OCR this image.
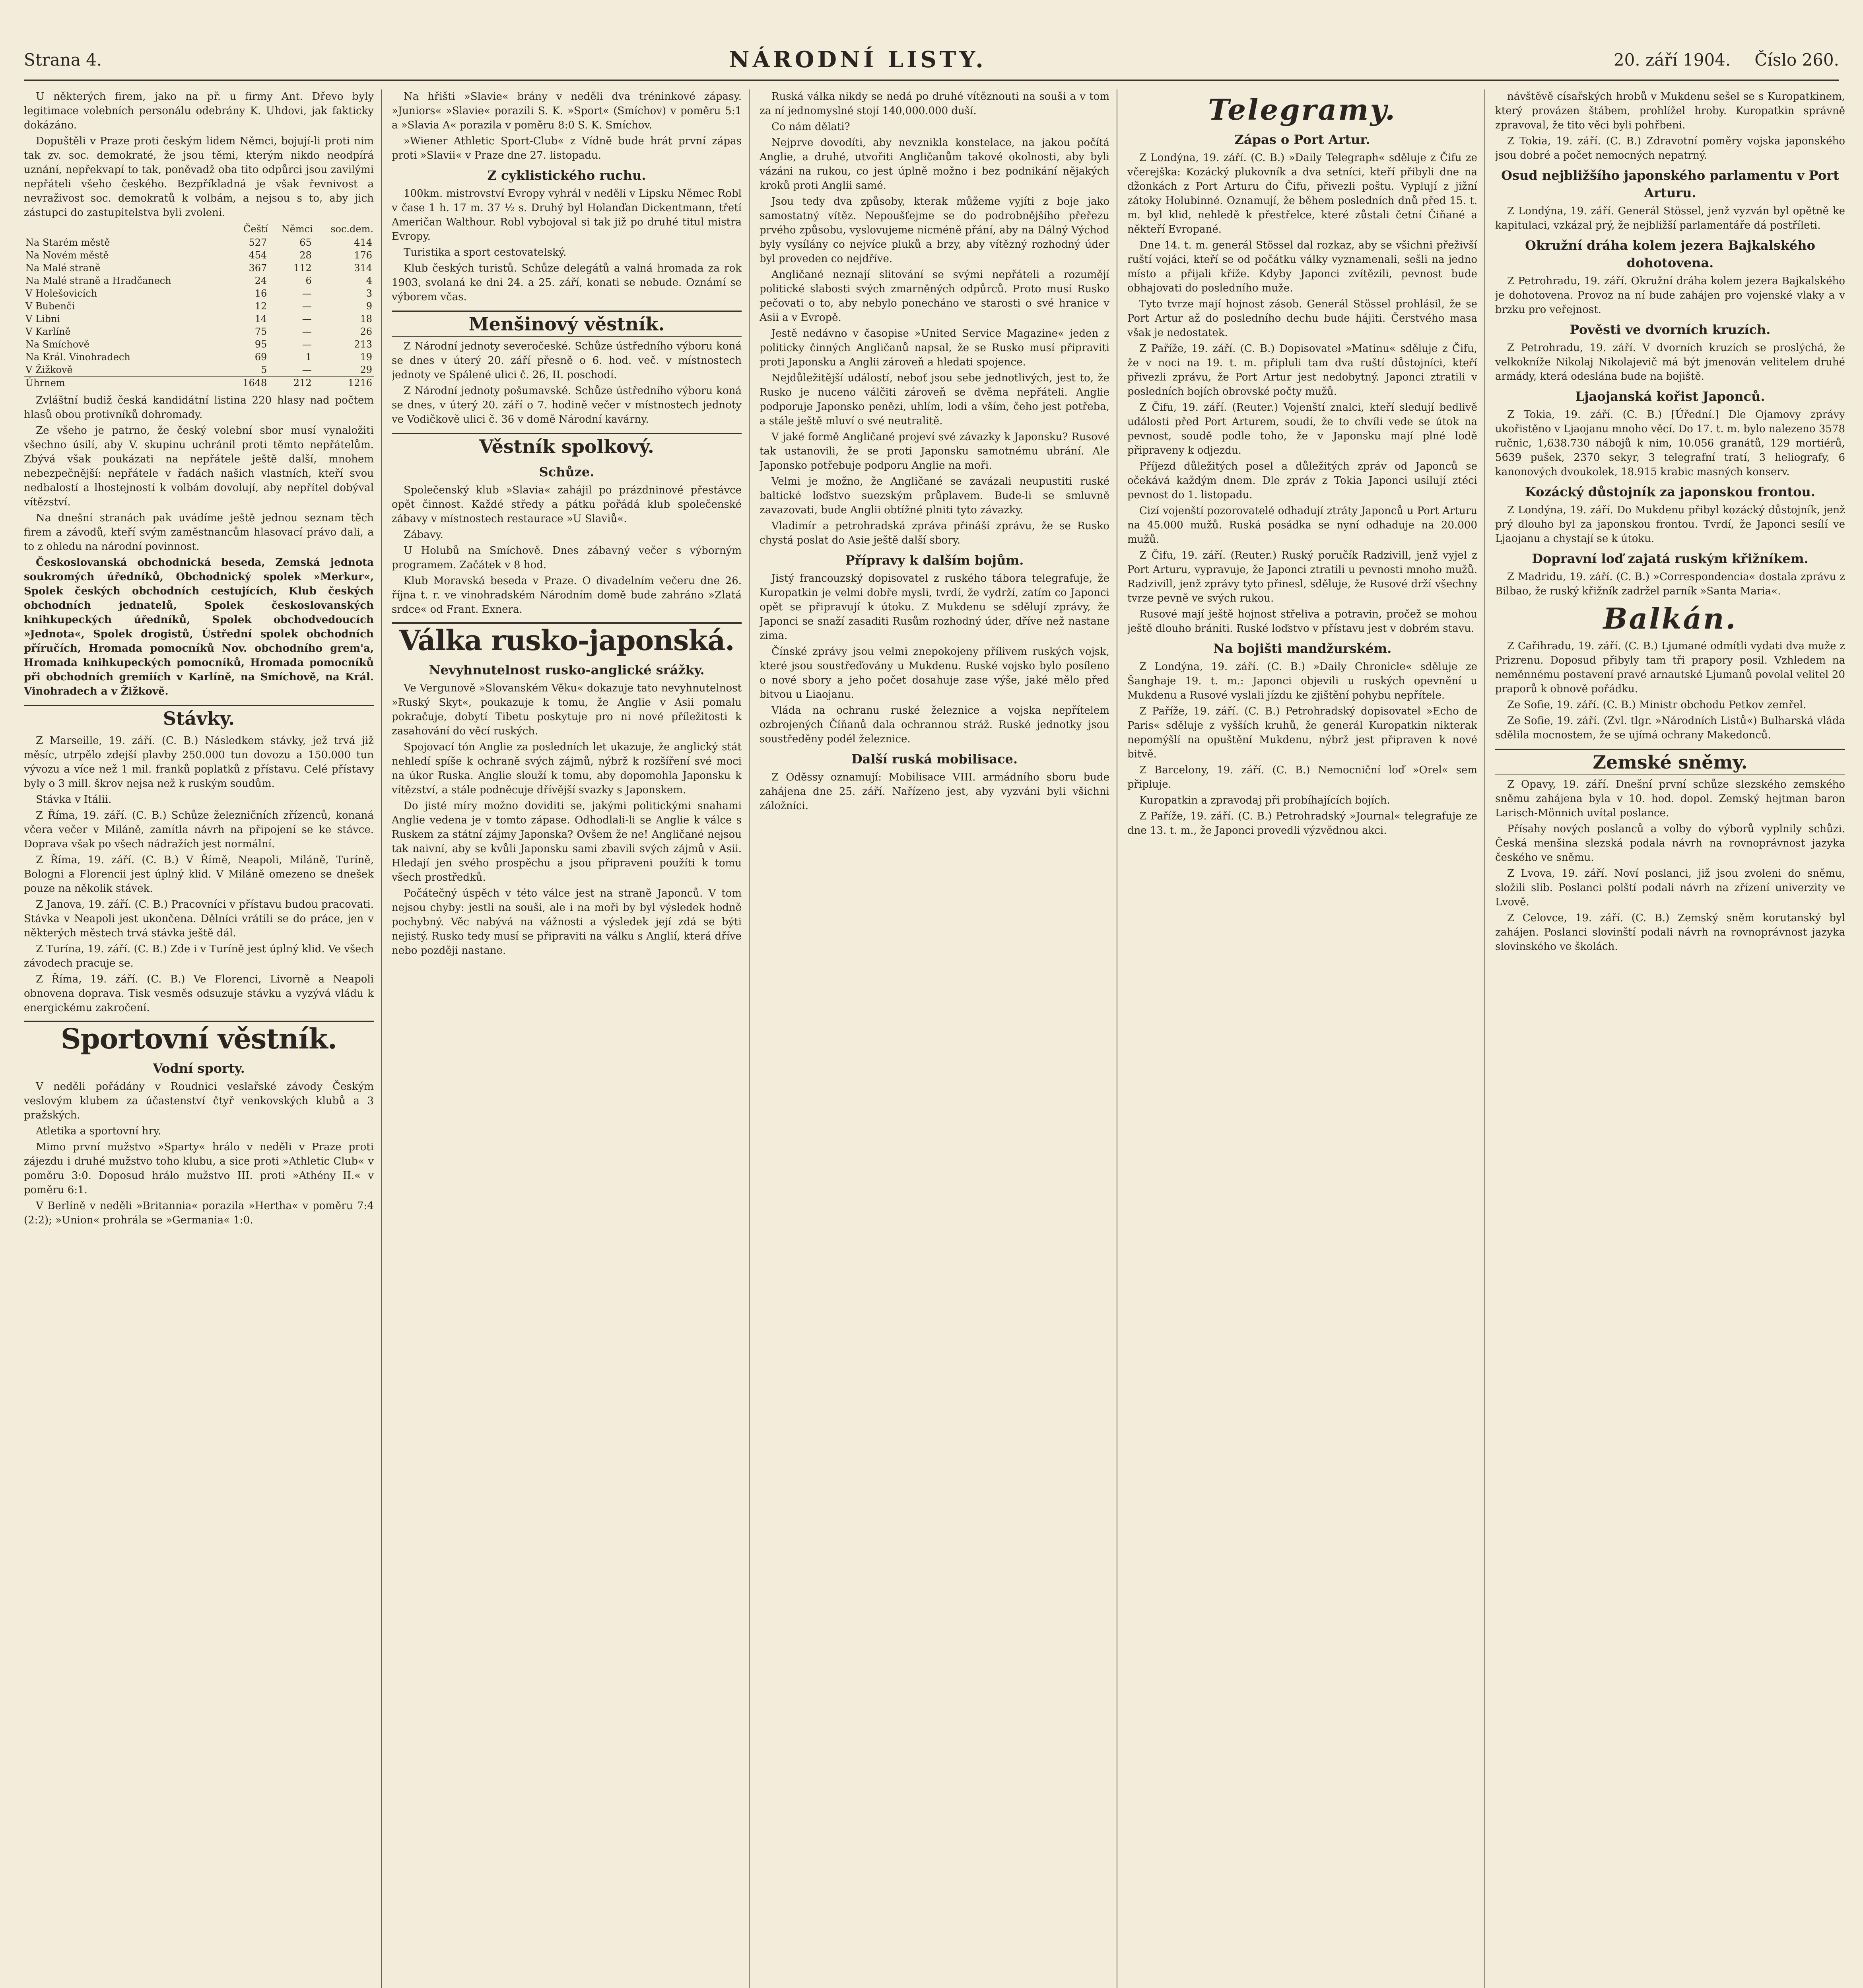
Strana 4.	NÁRODNÍ LISTY.	20. září 1904. Číslo 260.

U některých firem, jako na př. u firmy Ant. Dřevo byly legitimace volebních personálu odebrány K. Uhdovi, jak fakticky dokázáno.

Dopuštěli v Praze proti českým lidem Němci, bojují-li proti nim tak zv. soc. demokraté, že jsou těmi, kterým nikdo neodpírá uznání, nepřekvapí to tak, poněvadž oba tito odpůrci jsou zavilými nepřáteli všeho českého. Bezpříkladná je však řevnivost a nevraživost soc. demokratů k volbám, a nejsou s to, aby jich zástupci do zastupitelstva byli zvoleni.

	Čeští	Němci	soc.dem.
Na Starém městě	527	65	414
Na Novém městě	454	28	176
Na Malé straně	367	112	314
Na Malé straně a Hradčanech	24	6	4
V Holešovicích	16	—	3
V Bubenči	12	—	9
V Libni	14	—	18
V Karlíně	75	—	26
Na Smíchově	95	—	213
Na Král. Vinohradech	69	1	19
V Žižkově	5	—	29
Úhrnem	1648	212	1216

Zvláštní budiž česká kandidátní listina 220 hlasy nad počtem hlasů obou protivníků dohromady.

Ze všeho je patrno, že český volební sbor musí vynaložiti všechno úsilí, aby V. skupinu uchránil proti těmto nepřátelům. Zbývá však poukázati na nepřátele ještě další, mnohem nebezpečnější: nepřátele v řadách našich vlastních, kteří svou nedbalostí a lhostejností k volbám dovolují, aby nepřítel dobýval vítězství.

Na dnešní stranách pak uvádíme ještě jednou seznam těch firem a závodů, kteří svým zaměstnancům hlasovací právo dali, a to z ohledu na národní povinnost.

Českoslovanská obchodnická beseda, Zemská jednota soukromých úředníků, Obchodnický spolek »Merkur«, Spolek českých obchodních cestujících, Klub českých obchodních jednatelů, Spolek českoslovanských knihkupeckých úředníků, Spolek obchodvedoucích »Jednota«, Spolek drogistů, Ústřední spolek obchodních příručích, Hromada pomocníků Nov. obchodního grem'a, Hromada knihkupeckých pomocníků, Hromada pomocníků při obchodních gremiích v Karlíně, na Smíchově, na Král. Vinohradech a v Žižkově.

Stávky.

Z Marseille, 19. září. (C. B.) Následkem stávky, jež trvá již měsíc, utrpělo zdejší plavby 250.000 tun dovozu a 150.000 tun vývozu a více než 1 mil. franků poplatků z přístavu. Celé přístavy byly o 3 mill. škrov nejsa než k ruským soudům.

Stávka v Itálii.

Z Říma, 19. září. (C. B.) Schůze železničních zřízenců, konaná včera večer v Miláně, zamítla návrh na připojení se ke stávce. Doprava však po všech nádražích jest normální.

Z Říma, 19. září. (C. B.) V Římě, Neapoli, Miláně, Turíně, Bologni a Florencii jest úplný klid. V Miláně omezeno se dnešek pouze na několik stávek.

Z Janova, 19. září. (C. B.) Pracovníci v přístavu budou pracovati. Stávka v Neapoli jest ukončena. Dělníci vrátili se do práce, jen v některých městech trvá stávka ještě dál.

Z Turína, 19. září. (C. B.) Zde i v Turíně jest úplný klid. Ve všech závodech pracuje se.

Z Říma, 19. září. (C. B.) Ve Florenci, Livorně a Neapoli obnovena doprava. Tisk vesměs odsuzuje stávku a vyzývá vládu k energickému zakročení.

Sportovní věstník.

Vodní sporty.

V neděli pořádány v Roudnici veslařské závody Českým veslovým klubem za účastenství čtyř venkovských klubů a 3 pražských.

Atletika a sportovní hry.

Mimo první mužstvo »Sparty« hrálo v neděli v Praze proti zájezdu i druhé mužstvo toho klubu, a sice proti »Athletic Club« v poměru 3:0. Doposud hrálo mužstvo III. proti »Athény II.« v poměru 6:1.

V Berlíně v neděli »Britannia« porazila »Hertha« v poměru 7:4 (2:2); »Union« prohrála se »Germania« 1:0.

Na hřišti »Slavie« brány v neděli dva tréninkové zápasy. »Juniors« »Slavie« porazili S. K. »Sport« (Smíchov) v poměru 5:1 a »Slavia A« porazila v poměru 8:0 S. K. Smíchov.

»Wiener Athletic Sport-Club« z Vídně bude hrát první zápas proti »Slavii« v Praze dne 27. listopadu.

Z cyklistického ruchu.

100km. mistrovství Evropy vyhrál v neděli v Lipsku Němec Robl v čase 1 h. 17 m. 37 ½ s. Druhý byl Holanďan Dickentmann, třetí Američan Walthour. Robl vybojoval si tak již po druhé titul mistra Evropy.

Turistika a sport cestovatelský.

Klub českých turistů. Schůze delegátů a valná hromada za rok 1903, svolaná ke dni 24. a 25. září, konati se nebude. Oznámí se výborem včas.

Menšinový věstník.

Z Národní jednoty severočeské. Schůze ústředního výboru koná se dnes v úterý 20. září přesně o 6. hod. več. v místnostech jednoty ve Spálené ulici č. 26, II. poschodí.

Z Národní jednoty pošumavské. Schůze ústředního výboru koná se dnes, v úterý 20. září o 7. hodině večer v místnostech jednoty ve Vodičkově ulici č. 36 v domě Národní kavárny.

Věstník spolkový.

Schůze.

Společenský klub »Slavia« zahájil po prázdninové přestávce opět činnost. Každé středy a pátku pořádá klub společenské zábavy v místnostech restaurace »U Slaviů«.

Zábavy.

U Holubů na Smíchově. Dnes zábavný večer s výborným programem. Začátek v 8 hod.

Klub Moravská beseda v Praze. O divadelním večeru dne 26. října t. r. ve vinohradském Národním domě bude zahráno »Zlatá srdce« od Frant. Exnera.

Válka rusko-japonská.

Nevyhnutelnost rusko-anglické srážky.

Ve Vergunově »Slovanském Věku« dokazuje tato nevyhnutelnost »Ruský Skyt«, poukazuje k tomu, že Anglie v Asii pomalu pokračuje, dobytí Tibetu poskytuje pro ni nové příležitosti k zasahování do věcí ruských.

Spojovací tón Anglie za posledních let ukazuje, že anglický stát nehledí spíše k ochraně svých zájmů, nýbrž k rozšíření své moci na úkor Ruska. Anglie slouží k tomu, aby dopomohla Japonsku k vítězství, a stále podněcuje dřívější svazky s Japonskem.

Do jisté míry možno doviditi se, jakými politickými snahami Anglie vedena je v tomto zápase. Odhodlali-li se Anglie k válce s Ruskem za státní zájmy Japonska? Ovšem že ne! Angličané nejsou tak naivní, aby se kvůli Japonsku sami zbavili svých zájmů v Asii. Hledají jen svého prospěchu a jsou připraveni použíti k tomu všech prostředků.

Počátečný úspěch v této válce jest na straně Japonců. V tom nejsou chyby: jestli na souši, ale i na moři by byl výsledek hodně pochybný. Věc nabývá na vážnosti a výsledek její zdá se býti nejistý. Rusko tedy musí se připraviti na válku s Anglií, která dříve nebo později nastane.

Ruská válka nikdy se nedá po druhé vítěznouti na souši a v tom za ní jednomyslné stojí 140,000.000 duší.

Co nám dělati?

Nejprve dovodíti, aby nevznikla konstelace, na jakou počítá Anglie, a druhé, utvořiti Angličanům takové okolnosti, aby byli vázáni na rukou, co jest úplně možno i bez podnikání nějakých kroků proti Anglii samé.

Jsou tedy dva způsoby, kterak můžeme vyjíti z boje jako samostatný vítěz. Nepoušťejme se do podrobnějšího přeřezu prvého způsobu, vyslovujeme nicméně přání, aby na Dálný Východ byly vysílány co nejvíce pluků a brzy, aby vítězný rozhodný úder byl proveden co nejdříve.

Angličané neznají slitování se svými nepřáteli a rozumějí politické slabosti svých zmarněných odpůrců. Proto musí Rusko pečovati o to, aby nebylo ponecháno ve starosti o své hranice v Asii a v Evropě.

Jestě nedávno v časopise »United Service Magazine« jeden z politicky činných Angličanů napsal, že se Rusko musí připraviti proti Japonsku a Anglii zároveň a hledati spojence.

Nejdůležitější událostí, neboť jsou sebe jednotlivých, jest to, že Rusko je nuceno válčiti zároveň se dvěma nepřáteli. Anglie podporuje Japonsko penězi, uhlím, lodi a vším, čeho jest potřeba, a stále ještě mluví o své neutralitě.

V jaké formě Angličané projeví své závazky k Japonsku? Rusové tak ustanovili, že se proti Japonsku samotnému ubrání. Ale Japonsko potřebuje podporu Anglie na moři.

Velmi je možno, že Angličané se zavázali neupustiti ruské baltické loďstvo suezským průplavem. Bude-li se smluvně zavazovati, bude Anglii obtížné plniti tyto závazky.

Vladimír a petrohradská zpráva přináší zprávu, že se Rusko chystá poslat do Asie ještě další sbory.

Přípravy k dalším bojům.

Jistý francouzský dopisovatel z ruského tábora telegrafuje, že Kuropatkin je velmi dobře mysli, tvrdí, že vydrží, zatím co Japonci opět se připravují k útoku. Z Mukdenu se sdělují zprávy, že Japonci se snaží zasaditi Rusům rozhodný úder, dříve než nastane zima.

Čínské zprávy jsou velmi znepokojeny přílivem ruských vojsk, které jsou soustřeďovány u Mukdenu. Ruské vojsko bylo posíleno o nové sbory a jeho počet dosahuje zase výše, jaké mělo před bitvou u Liaojanu.

Vláda na ochranu ruské železnice a vojska nepřítelem ozbrojených Číňanů dala ochrannou stráž. Ruské jednotky jsou soustředěny podél železnice.

Další ruská mobilisace.

Z Oděssy oznamují: Mobilisace VIII. armádního sboru bude zahájena dne 25. září. Nařízeno jest, aby vyzváni byli všichni záložníci.

Telegramy.

Zápas o Port Artur.

Z Londýna, 19. září. (C. B.) »Daily Telegraph« sděluje z Čifu ze včerejška: Kozácký plukovník a dva setníci, kteří přibyli dne na džonkách z Port Arturu do Čifu, přivezli poštu. Vyplují z jižní zátoky Holubinné. Oznamují, že během posledních dnů před 15. t. m. byl klid, nehledě k přestřelce, které zůstali četní Čiňané a někteří Evropané.

Dne 14. t. m. generál Stössel dal rozkaz, aby se všichni přeživší ruští vojáci, kteří se od počátku války vyznamenali, sešli na jedno místo a přijali kříže. Kdyby Japonci zvítězili, pevnost bude obhajovati do posledního muže.

Tyto tvrze mají hojnost zásob. Generál Stössel prohlásil, že se Port Artur až do posledního dechu bude hájiti. Čerstvého masa však je nedostatek.

Z Paříže, 19. září. (C. B.) Dopisovatel »Matinu« sděluje z Čifu, že v noci na 19. t. m. připluli tam dva ruští důstojníci, kteří přivezli zprávu, že Port Artur jest nedobytný. Japonci ztratili v posledních bojích obrovské počty mužů.

Z Čifu, 19. září. (Reuter.) Vojenští znalci, kteří sledují bedlivě události před Port Arturem, soudí, že to chvíli vede se útok na pevnost, soudě podle toho, že v Japonsku mají plné lodě připraveny k odjezdu.

Příjezd důležitých posel a důležitých zpráv od Japonců se očekává každým dnem. Dle zpráv z Tokia Japonci usilují ztéci pevnost do 1. listopadu.

Cizí vojenští pozorovatelé odhadují ztráty Japonců u Port Arturu na 45.000 mužů. Ruská posádka se nyní odhaduje na 20.000 mužů.

Z Čifu, 19. září. (Reuter.) Ruský poručík Radzivill, jenž vyjel z Port Arturu, vypravuje, že Japonci ztratili u pevnosti mnoho mužů. Radzivill, jenž zprávy tyto přinesl, sděluje, že Rusové drží všechny tvrze pevně ve svých rukou.

Rusové mají ještě hojnost střeliva a potravin, pročež se mohou ještě dlouho brániti. Ruské loďstvo v přístavu jest v dobrém stavu.

Na bojišti mandžurském.

Z Londýna, 19. září. (C. B.) »Daily Chronicle« sděluje ze Šanghaje 19. t. m.: Japonci objevili u ruských opevnění u Mukdenu a Rusové vyslali jízdu ke zjištění pohybu nepřítele.

Z Paříže, 19. září. (C. B.) Petrohradský dopisovatel »Echo de Paris« sděluje z vyšších kruhů, že generál Kuropatkin nikterak nepomýšlí na opuštění Mukdenu, nýbrž jest připraven k nové bitvě.

Z Barcelony, 19. září. (C. B.) Nemocniční loď »Orel« sem připluje.

Kuropatkin a zpravodaj při probíhajících bojích.

Z Paříže, 19. září. (C. B.) Petrohradský »Journal« telegrafuje ze dne 13. t. m., že Japonci provedli výzvědnou akci.

návštěvě císařských hrobů v Mukdenu sešel se s Kuropatkinem, který provázen štábem, prohlížel hroby. Kuropatkin správně zpravoval, že tito věci byli pohřbeni.

Z Tokia, 19. září. (C. B.) Zdravotní poměry vojska japonského jsou dobré a počet nemocných nepatrný.

Osud nejbližšího japonského parlamentu v Port Arturu.

Z Londýna, 19. září. Generál Stössel, jenž vyzván byl opětně ke kapitulaci, vzkázal prý, že nejbližší parlamentáře dá postříleti.

Okružní dráha kolem jezera Bajkalského dohotovena.

Z Petrohradu, 19. září. Okružní dráha kolem jezera Bajkalského je dohotovena. Provoz na ní bude zahájen pro vojenské vlaky a v brzku pro veřejnost.

Pověsti ve dvorních kruzích.

Z Petrohradu, 19. září. V dvorních kruzích se proslýchá, že velkokníže Nikolaj Nikolajevič má být jmenován velitelem druhé armády, která odeslána bude na bojiště.

Ljaojanská kořist Japonců.

Z Tokia, 19. září. (C. B.) [Úřední.] Dle Ojamovy zprávy ukořistěno v Ljaojanu mnoho věcí. Do 17. t. m. bylo nalezeno 3578 ručnic, 1,638.730 nábojů k nim, 10.056 granátů, 129 mortiérů, 5639 pušek, 2370 sekyr, 3 telegrafní tratí, 3 heliografy, 6 kanonových dvoukolek, 18.915 krabic masných konserv.

Kozácký důstojník za japonskou frontou.

Z Londýna, 19. září. Do Mukdenu přibyl kozácký důstojník, jenž prý dlouho byl za japonskou frontou. Tvrdí, že Japonci sesílí ve Ljaojanu a chystají se k útoku.

Dopravní loď zajatá ruským křižníkem.

Z Madridu, 19. září. (C. B.) »Correspondencia« dostala zprávu z Bilbao, že ruský křižník zadržel parník »Santa Maria«.

Balkán.

Z Cařihradu, 19. září. (C. B.) Ljumané odmítli vydati dva muže z Prizrenu. Doposud přibyly tam tři prapory posil. Vzhledem na neměnnému postavení pravé arnautské Ljumanů povolal velitel 20 praporů k obnově pořádku.

Ze Sofie, 19. září. (C. B.) Ministr obchodu Petkov zemřel.

Ze Sofie, 19. září. (Zvl. tlgr. »Národních Listů«) Bulharská vláda sdělila mocnostem, že se ujímá ochrany Makedonců.

Zemské sněmy.

Z Opavy, 19. září. Dnešní první schůze slezského zemského sněmu zahájena byla v 10. hod. dopol. Zemský hejtman baron Larisch-Mönnich uvítal poslance.

Přísahy nových poslanců a volby do výborů vyplnily schůzi. Česká menšina slezská podala návrh na rovnoprávnost jazyka českého ve sněmu.

Z Lvova, 19. září. Noví poslanci, již jsou zvoleni do sněmu, složili slib. Poslanci polští podali návrh na zřízení univerzity ve Lvově.

Z Celovce, 19. září. (C. B.) Zemský sněm korutanský byl zahájen. Poslanci slovinští podali návrh na rovnoprávnost jazyka slovinského ve školách.
